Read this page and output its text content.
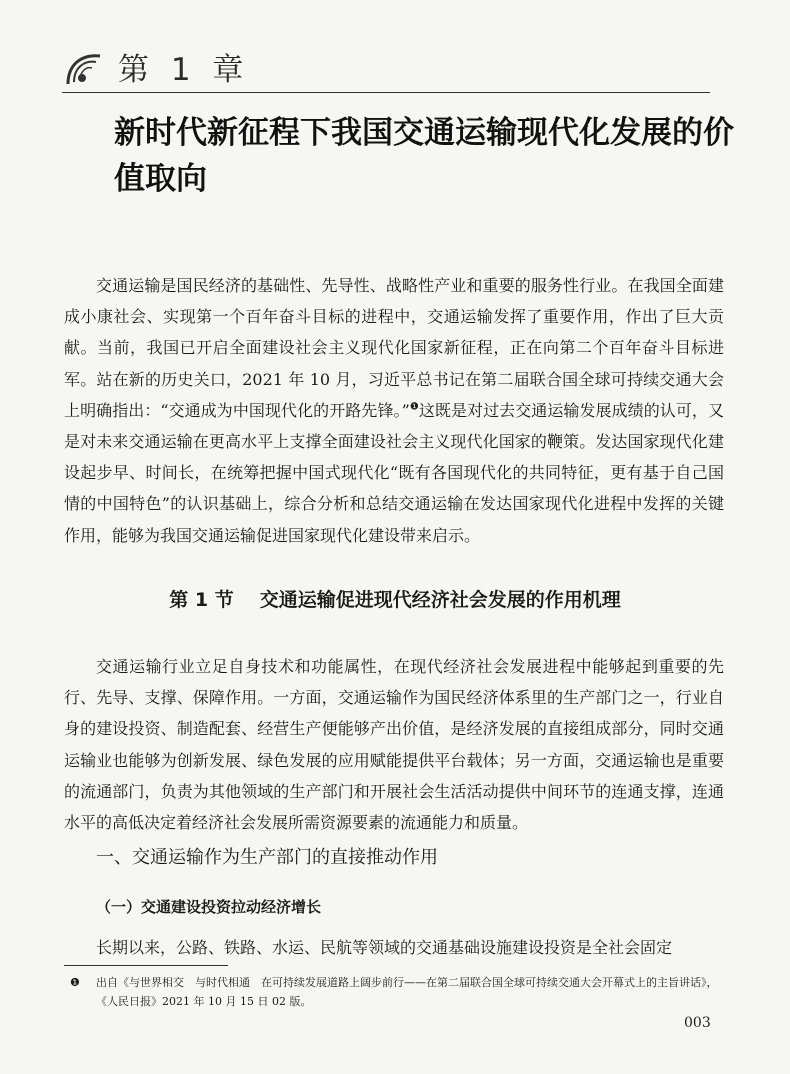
第 1 章
新时代新征程下我国交通运输现代化发展的价值取向

交通运输是国民经济的基础性、先导性、战略性产业和重要的服务性行业。在我国全面建成小康社会、实现第一个百年奋斗目标的进程中，交通运输发挥了重要作用，作出了巨大贡献。当前，我国已开启全面建设社会主义现代化国家新征程，正在向第二个百年奋斗目标进军。站在新的历史关口，2021 年 10 月，习近平总书记在第二届联合国全球可持续交通大会上明确指出：“交通成为中国现代化的开路先锋。”$^❶$这既是对过去交通运输发展成绩的认可，又是对未来交通运输在更高水平上支撑全面建设社会主义现代化国家的鞭策。发达国家现代化建设起步早、时间长，在统筹把握中国式现代化“既有各国现代化的共同特征，更有基于自己国情的中国特色”的认识基础上，综合分析和总结交通运输在发达国家现代化进程中发挥的关键作用，能够为我国交通运输促进国家现代化建设带来启示。

第 1 节 交通运输促进现代经济社会发展的作用机理

交通运输行业立足自身技术和功能属性，在现代经济社会发展进程中能够起到重要的先行、先导、支撑、保障作用。一方面，交通运输作为国民经济体系里的生产部门之一，行业自身的建设投资、制造配套、经营生产便能够产出价值，是经济发展的直接组成部分，同时交通运输业也能够为创新发展、绿色发展的应用赋能提供平台载体；另一方面，交通运输也是重要的流通部门，负责为其他领域的生产部门和开展社会生活活动提供中间环节的连通支撑，连通水平的高低决定着经济社会发展所需资源要素的流通能力和质量。

一、交通运输作为生产部门的直接推动作用
（一）交通建设投资拉动经济增长

长期以来，公路、铁路、水运、民航等领域的交通基础设施建设投资是全社会固定

❶ 出自《与世界相交　与时代相通　在可持续发展道路上阔步前行——在第二届联合国全球可持续交通大会开幕式上的主旨讲话》，《人民日报》2021 年 10 月 15 日 02 版。

003
